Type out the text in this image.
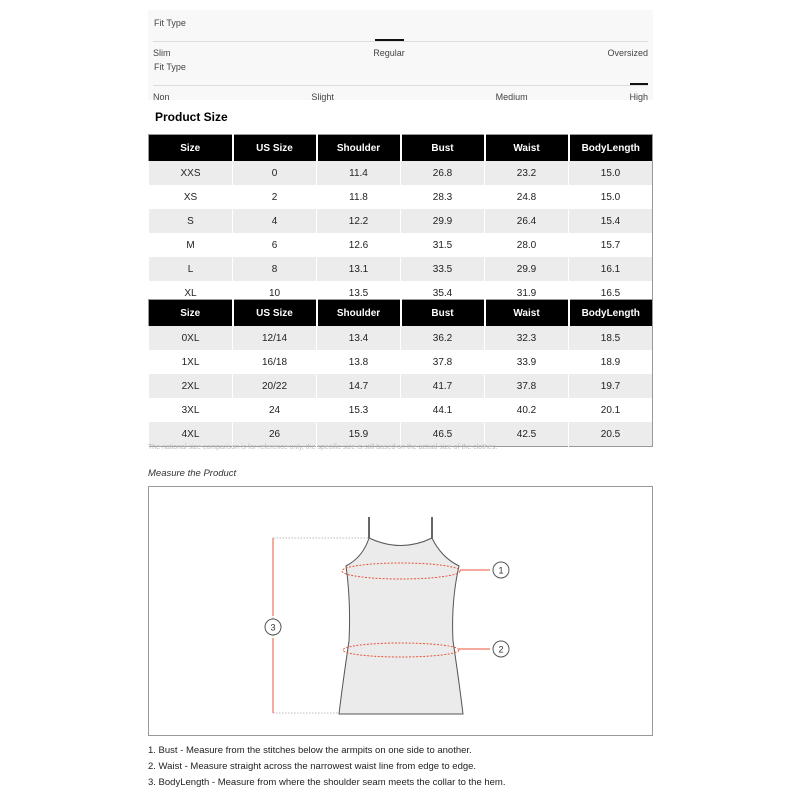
Fit Type
Slim	Regular	Oversized
Fit Type
Non	Slight	Medium	High
Product Size
Size	US Size	Shoulder	Bust	Waist	BodyLength
XXS	0	11.4	26.8	23.2	15.0
XS	2	11.8	28.3	24.8	15.0
S	4	12.2	29.9	26.4	15.4
M	6	12.6	31.5	28.0	15.7
L	8	13.1	33.5	29.9	16.1
XL	10	13.5	35.4	31.9	16.5
Size	US Size	Shoulder	Bust	Waist	BodyLength
0XL	12/14	13.4	36.2	32.3	18.5
1XL	16/18	13.8	37.8	33.9	18.9
2XL	20/22	14.7	41.7	37.8	19.7
3XL	24	15.3	44.1	40.2	20.1
4XL	26	15.9	46.5	42.5	20.5
The national size comparison is for reference only, the specific size is still based on the actual size of the clothes.
Measure the Product
1
2
3
1. Bust - Measure from the stitches below the armpits on one side to another.
2. Waist - Measure straight across the narrowest waist line from edge to edge.
3. BodyLength - Measure from where the shoulder seam meets the collar to the hem.
